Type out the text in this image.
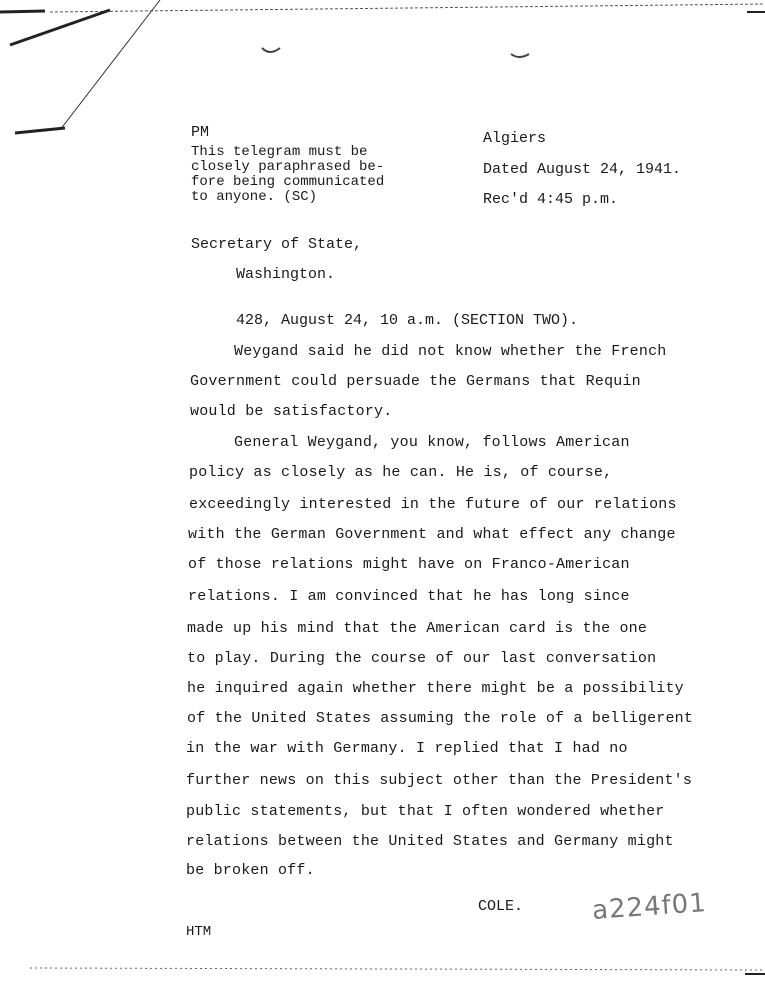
PM
This telegram must be
closely paraphrased be-
fore being communicated
to anyone. (SC)
Algiers
Dated August 24, 1941.
Rec'd 4:45 p.m.
Secretary of State,
Washington.
428, August 24, 10 a.m. (SECTION TWO).
Weygand said he did not know whether the French
Government could persuade the Germans that Requin
would be satisfactory.
General Weygand, you know, follows American
policy as closely as he can. He is, of course,
exceedingly interested in the future of our relations
with the German Government and what effect any change
of those relations might have on Franco-American
relations. I am convinced that he has long since
made up his mind that the American card is the one
to play. During the course of our last conversation
he inquired again whether there might be a possibility
of the United States assuming the role of a belligerent
in the war with Germany. I replied that I had no
further news on this subject other than the President's
public statements, but that I often wondered whether
relations between the United States and Germany might
be broken off.
COLE.	a224f01
HTM
